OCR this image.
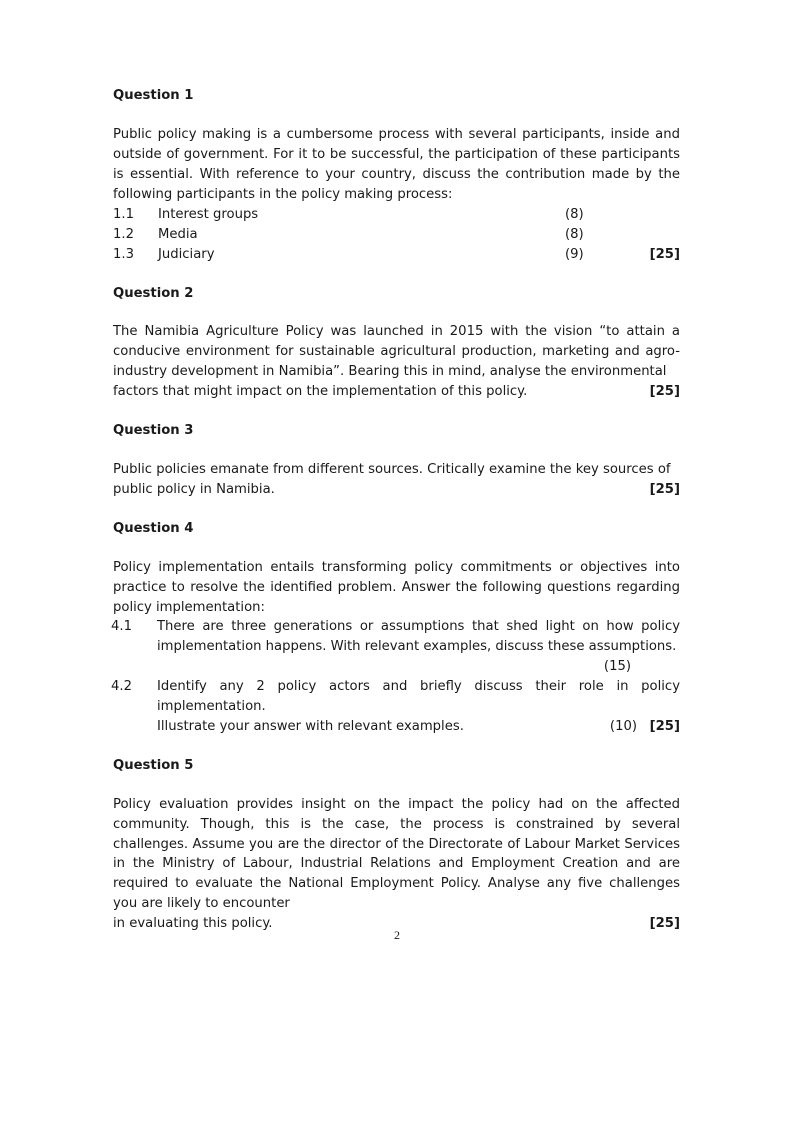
Question 1

Public policy making is a cumbersome process with several participants, inside and outside of government. For it to be successful, the participation of these participants is essential. With reference to your country, discuss the contribution made by the following participants in the policy making process:

1.1 Interest groups	(8)
1.2 Media	(8)
1.3 Judiciary	(9)	[25]

Question 2

The Namibia Agriculture Policy was launched in 2015 with the vision “to attain a conducive environment for sustainable agricultural production, marketing and agro-industry development in Namibia”. Bearing this in mind, analyse the environmental

factors that might impact on the implementation of this policy.	[25]

Question 3

Public policies emanate from different sources. Critically examine the key sources of

public policy in Namibia.	[25]

Question 4

Policy implementation entails transforming policy commitments or objectives into practice to resolve the identified problem. Answer the following questions regarding policy implementation:

4.1 There are three generations or assumptions that shed light on how policy implementation happens. With relevant examples, discuss these assumptions.
(15)
4.2 Identify any 2 policy actors and briefly discuss their role in policy implementation.
Illustrate your answer with relevant examples.	(10) [25]

Question 5

Policy evaluation provides insight on the impact the policy had on the affected community. Though, this is the case, the process is constrained by several challenges. Assume you are the director of the Directorate of Labour Market Services in the Ministry of Labour, Industrial Relations and Employment Creation and are required to evaluate the National Employment Policy. Analyse any five challenges you are likely to encounter

in evaluating this policy.	[25]
2
